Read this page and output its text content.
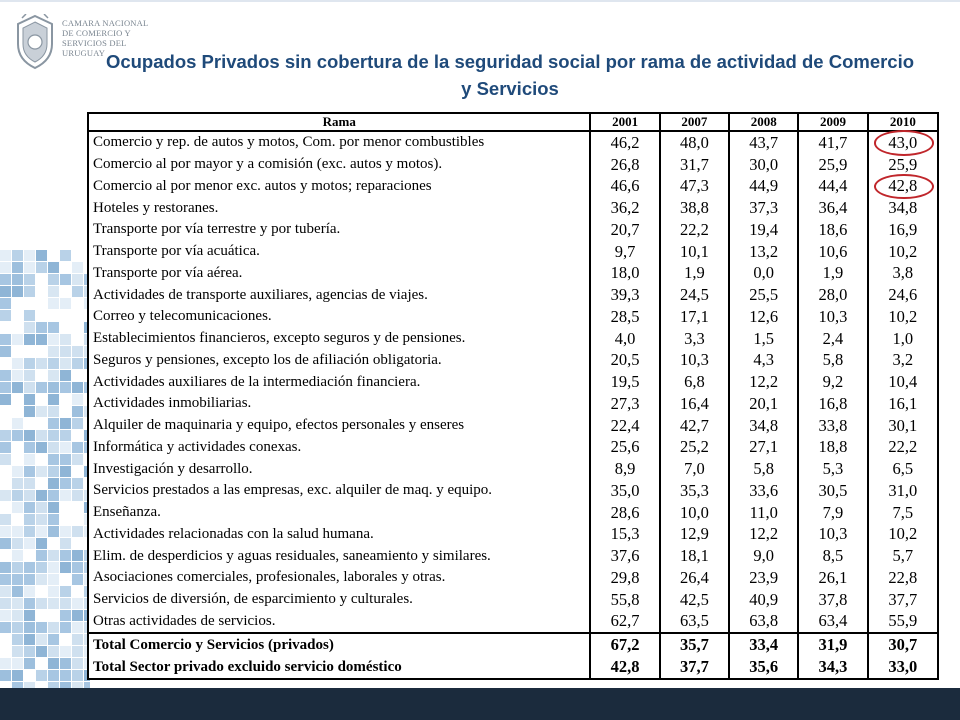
CAMARA NACIONAL
DE COMERCIO Y
SERVICIOS DEL
URUGUAY Ocupados Privados sin cobertura de la seguridad social por rama de actividad de Comercio y Servicios
Rama	2001	2007	2008	2009	2010
Comercio y rep. de autos y motos, Com. por menor combustibles	46,2	48,0	43,7	41,7	43,0
Comercio al por mayor y a comisión (exc. autos y motos).	26,8	31,7	30,0	25,9	25,9
Comercio al por menor exc. autos y motos; reparaciones	46,6	47,3	44,9	44,4	42,8
Hoteles y restoranes.	36,2	38,8	37,3	36,4	34,8
Transporte por vía terrestre y por tubería.	20,7	22,2	19,4	18,6	16,9
Transporte por vía acuática.	9,7	10,1	13,2	10,6	10,2
Transporte por vía aérea.	18,0	1,9	0,0	1,9	3,8
Actividades de transporte auxiliares, agencias de viajes.	39,3	24,5	25,5	28,0	24,6
Correo y telecomunicaciones.	28,5	17,1	12,6	10,3	10,2
Establecimientos financieros, excepto seguros y de pensiones.	4,0	3,3	1,5	2,4	1,0
Seguros y pensiones, excepto los de afiliación obligatoria.	20,5	10,3	4,3	5,8	3,2
Actividades auxiliares de la intermediación financiera.	19,5	6,8	12,2	9,2	10,4
Actividades inmobiliarias.	27,3	16,4	20,1	16,8	16,1
Alquiler de maquinaria y equipo, efectos personales y enseres	22,4	42,7	34,8	33,8	30,1
Informática y actividades conexas.	25,6	25,2	27,1	18,8	22,2
Investigación y desarrollo.	8,9	7,0	5,8	5,3	6,5
Servicios prestados a las empresas, exc. alquiler de maq. y equipo.	35,0	35,3	33,6	30,5	31,0
Enseñanza.	28,6	10,0	11,0	7,9	7,5
Actividades relacionadas con la salud humana.	15,3	12,9	12,2	10,3	10,2
Elim. de desperdicios y aguas residuales, saneamiento y similares.	37,6	18,1	9,0	8,5	5,7
Asociaciones comerciales, profesionales, laborales y otras.	29,8	26,4	23,9	26,1	22,8
Servicios de diversión, de esparcimiento y culturales.	55,8	42,5	40,9	37,8	37,7
Otras actividades de servicios.	62,7	63,5	63,8	63,4	55,9
Total Comercio y Servicios (privados)	67,2	35,7	33,4	31,9	30,7
Total Sector privado excluido servicio doméstico	42,8	37,7	35,6	34,3	33,0
